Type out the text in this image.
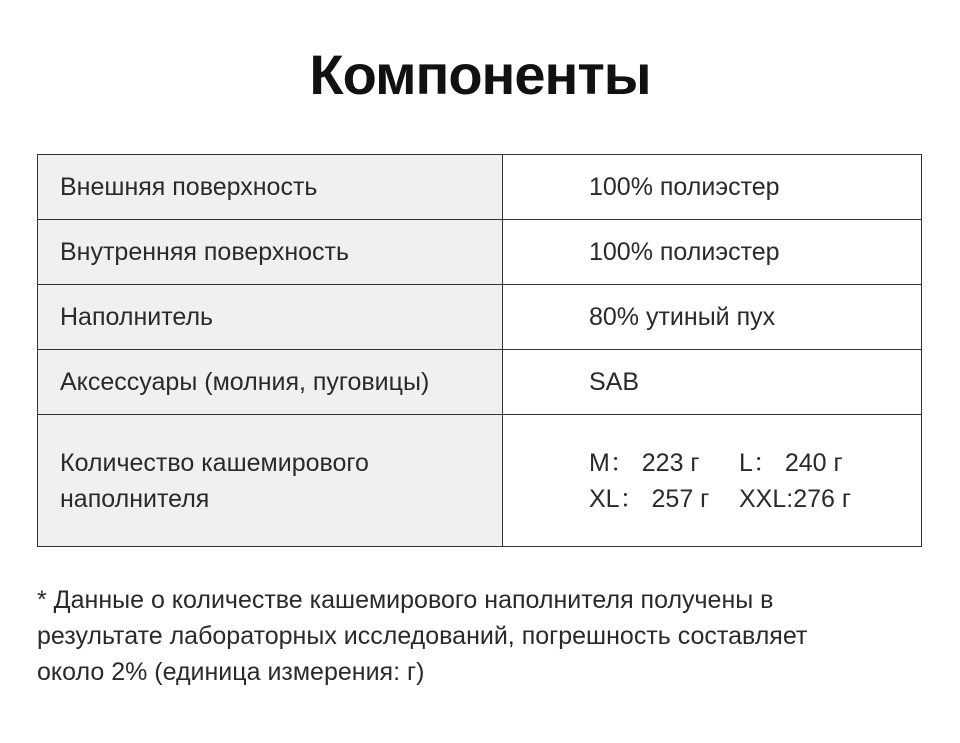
Компоненты
Внешняя поверхность	100% полиэстер
Внутренняя поверхность	100% полиэстер
Наполнитель	80% утиный пух
Аксессуары (молния, пуговицы)	SAB

Количество кашемирового
наполнителя	M： 223 г L： 240 г
XL： 257 г XXL:276 г
* Данные о количестве кашемирового наполнителя получены в
результате лабораторных исследований, погрешность составляет
около 2% (единица измерения: г)
